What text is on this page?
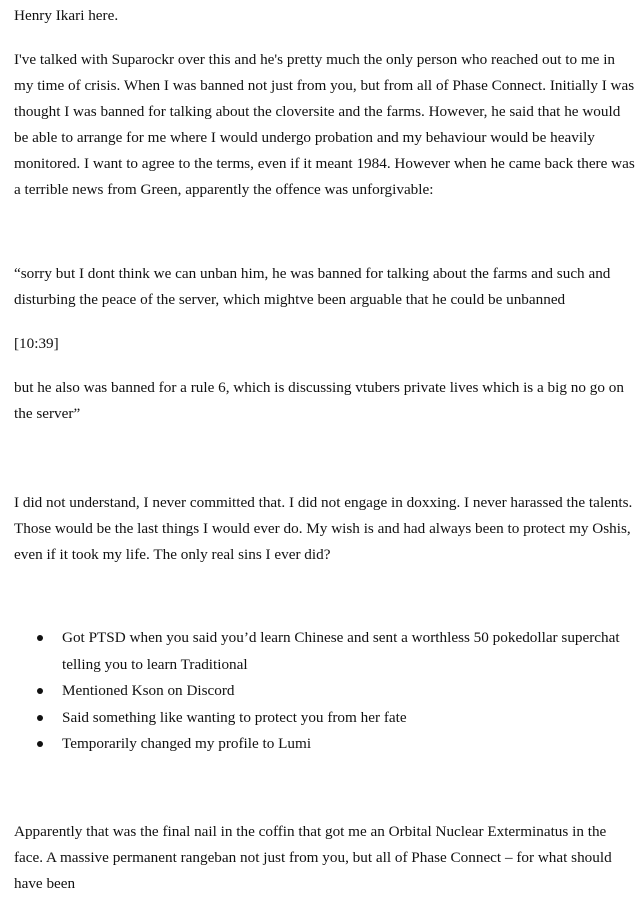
Henry Ikari here.

I've talked with Suparockr over this and he's pretty much the only person who reached out to me in my time of crisis. When I was banned not just from you, but from all of Phase Connect. Initially I was thought I was banned for talking about the cloversite and the farms. However, he said that he would be able to arrange for me where I would undergo probation and my behaviour would be heavily monitored. I want to agree to the terms, even if it meant 1984. However when he came back there was a terrible news from Green, apparently the offence was unforgivable:

“sorry but I dont think we can unban him, he was banned for talking about the farms and such and disturbing the peace of the server, which mightve been arguable that he could be unbanned

[10:39]

but he also was banned for a rule 6, which is discussing vtubers private lives which is a big no go on the server”

I did not understand, I never committed that. I did not engage in doxxing. I never harassed the talents. Those would be the last things I would ever do. My wish is and had always been to protect my Oshis, even if it took my life. The only real sins I ever did?

Got PTSD when you said you’d learn Chinese and sent a worthless 50 pokedollar superchat telling you to learn Traditional
Mentioned Kson on Discord
Said something like wanting to protect you from her fate
Temporarily changed my profile to Lumi

Apparently that was the final nail in the coffin that got me an Orbital Nuclear Exterminatus in the face. A massive permanent rangeban not just from you, but all of Phase Connect – for what should have been
